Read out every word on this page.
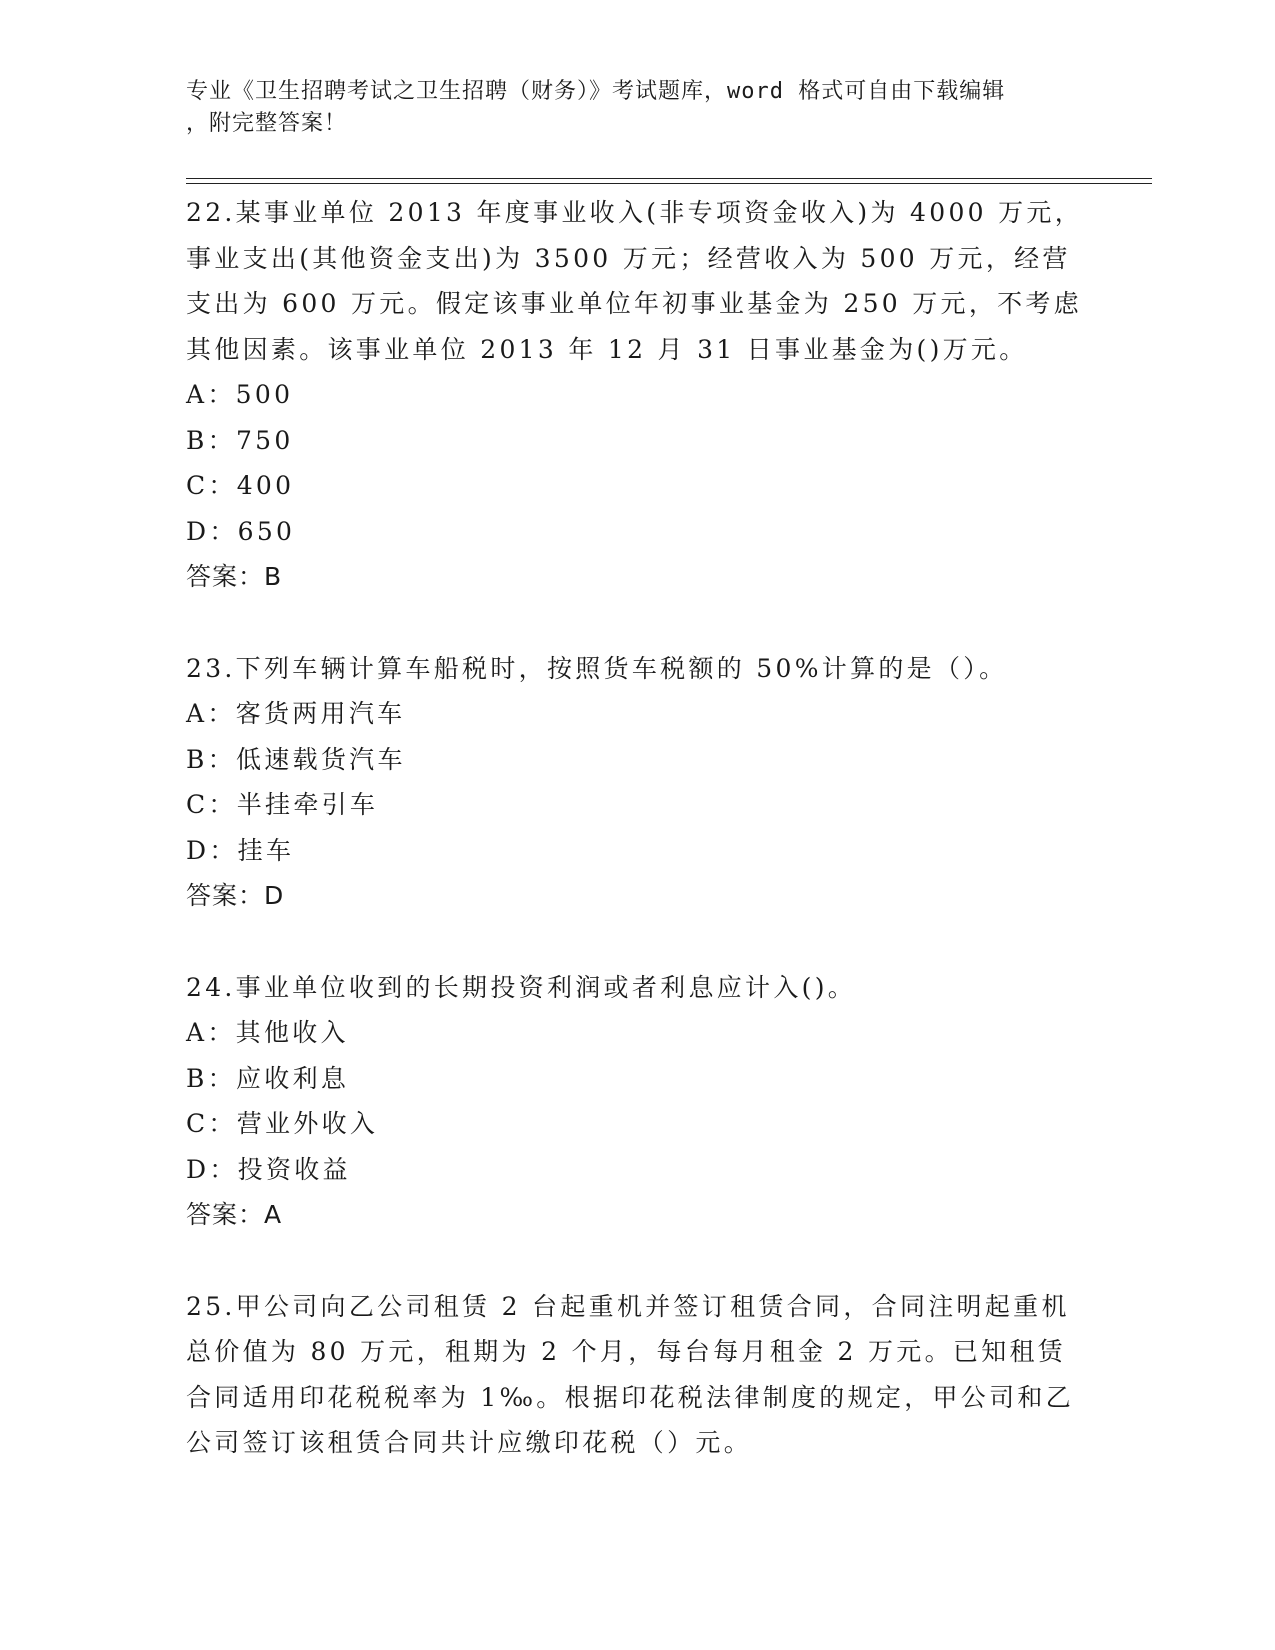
专业《卫生招聘考试之卫生招聘（财务）》考试题库，word 格式可自由下载编辑
，附完整答案！

22.某事业单位 2013 年度事业收入(非专项资金收入)为 4000 万元，事业支出(其他资金支出)为 3500 万元；经营收入为 500 万元，经营支出为 600 万元。假定该事业单位年初事业基金为 250 万元，不考虑其他因素。该事业单位 2013 年 12 月 31 日事业基金为()万元。

A：500
B：750
C：400
D：650
答案：B

23.下列车辆计算车船税时，按照货车税额的 50%计算的是（）。

A：客货两用汽车
B：低速载货汽车
C：半挂牵引车
D：挂车
答案：D

24.事业单位收到的长期投资利润或者利息应计入()。

A：其他收入
B：应收利息
C：营业外收入
D：投资收益
答案：A

25.甲公司向乙公司租赁 2 台起重机并签订租赁合同，合同注明起重机总价值为 80 万元，租期为 2 个月，每台每月租金 2 万元。已知租赁合同适用印花税税率为 1‰。根据印花税法律制度的规定，甲公司和乙公司签订该租赁合同共计应缴印花税（）元。
